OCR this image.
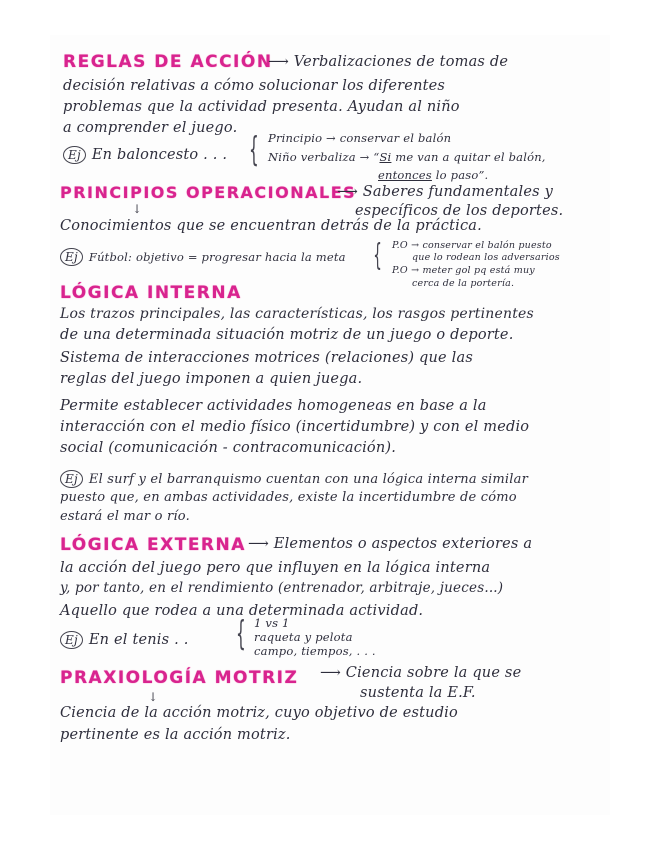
REGLAS DE ACCIÓN
⟶ Verbalizaciones de tomas de
decisión relativas a cómo solucionar los diferentes
problemas que la actividad presenta. Ayudan al niño
a comprender el juego.
Ej En baloncesto . . . { Principio → conservar el balón
Niño verbaliza → “Si me van a quitar el balón,
entonces lo paso”.
PRINCIPIOS OPERACIONALES
⟶ Saberes fundamentales y
específicos de los deportes.
↓
Conocimientos que se encuentran detrás de la práctica.
Ej Fútbol: objetivo = progresar hacia la meta { P.O → conservar el balón puesto
que lo rodean los adversarios
P.O → meter gol pq está muy
cerca de la portería.
LÓGICA INTERNA
Los trazos principales, las características, los rasgos pertinentes
de una determinada situación motriz de un juego o deporte.
Sistema de interacciones motrices (relaciones) que las
reglas del juego imponen a quien juega.
Permite establecer actividades homogeneas en base a la
interacción con el medio físico (incertidumbre) y con el medio
social (comunicación - contracomunicación).
Ej El surf y el barranquismo cuentan con una lógica interna similar
puesto que, en ambas actividades, existe la incertidumbre de cómo
estará el mar o río.
LÓGICA EXTERNA ⟶ Elementos o aspectos exteriores a
la acción del juego pero que influyen en la lógica interna
y, por tanto, en el rendimiento (entrenador, arbitraje, jueces...)
Aquello que rodea a una determinada actividad.
Ej En el tenis . . { 1 vs 1
raqueta y pelota
campo, tiempos, . . .
PRAXIOLOGÍA MOTRIZ ⟶ Ciencia sobre la que se
sustenta la E.F.
↓
Ciencia de la acción motriz, cuyo objetivo de estudio
pertinente es la acción motriz.
